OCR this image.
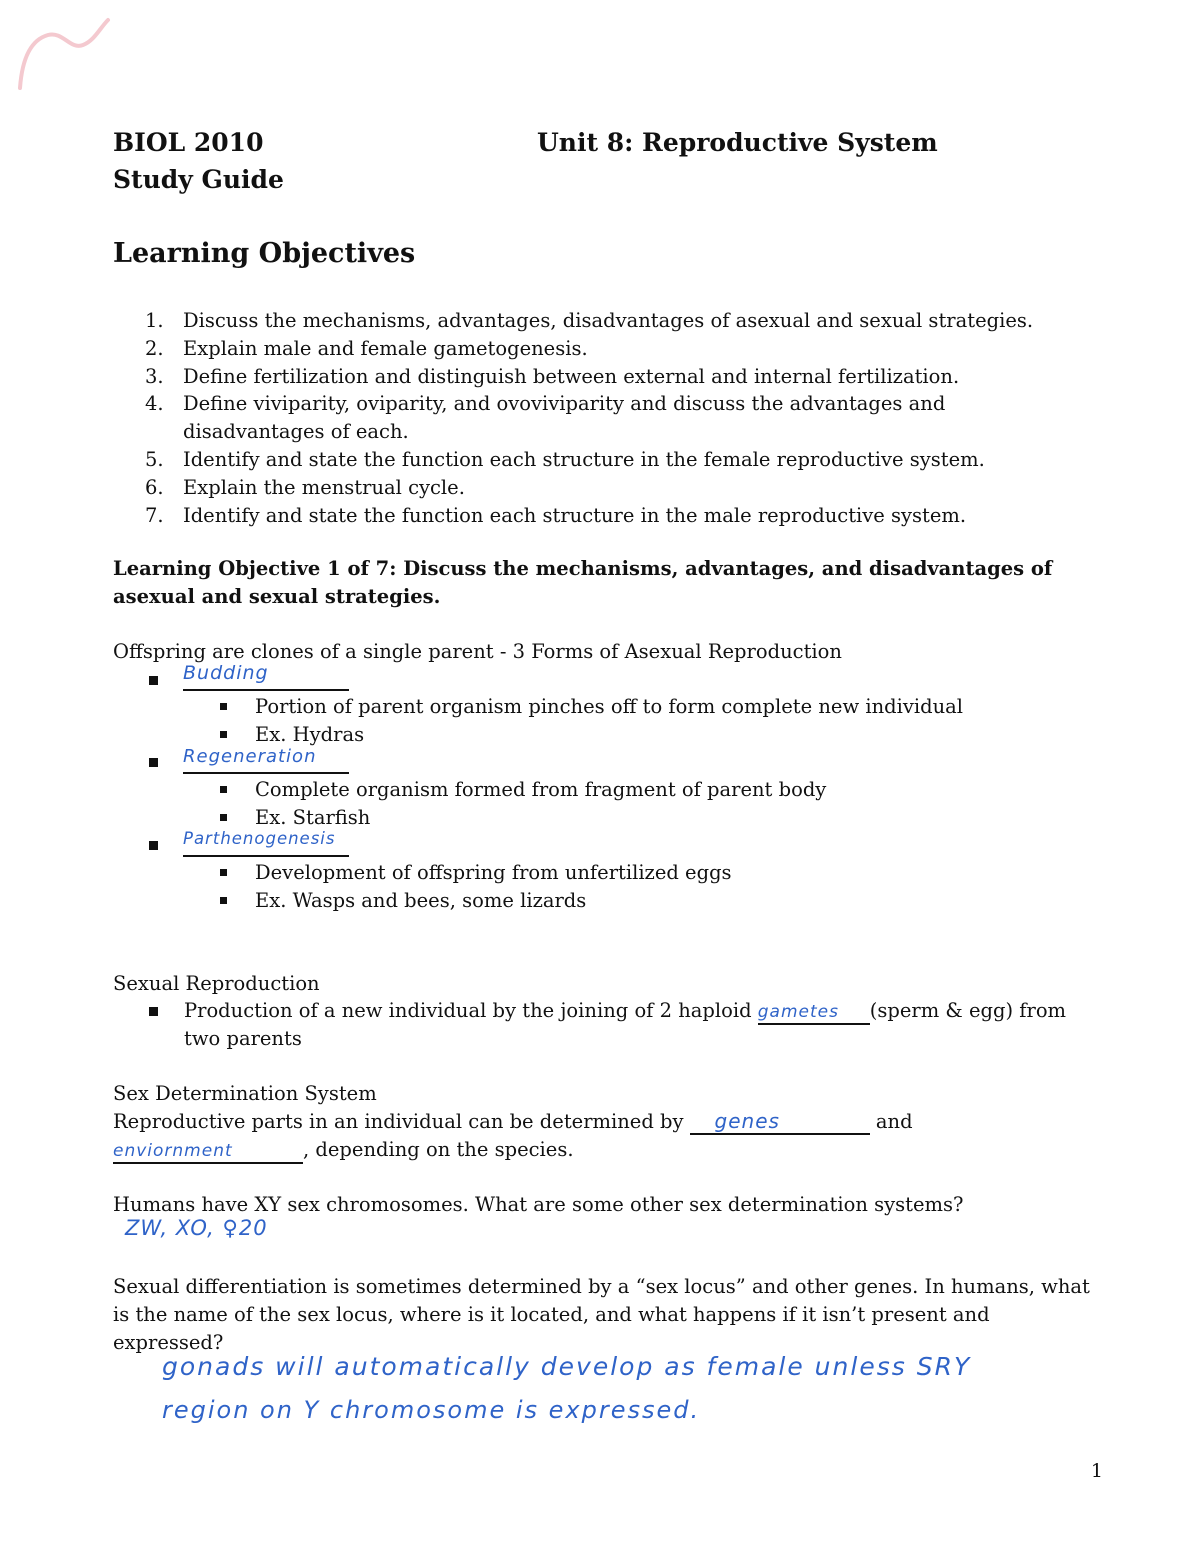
BIOL 2010	Unit 8: Reproductive System
Study Guide
Learning Objectives
1. Discuss the mechanisms, advantages, disadvantages of asexual and sexual strategies.
2. Explain male and female gametogenesis.
3. Define fertilization and distinguish between external and internal fertilization.
4. Define viviparity, oviparity, and ovoviviparity and discuss the advantages and disadvantages of each.
5. Identify and state the function each structure in the female reproductive system.
6. Explain the menstrual cycle.
7. Identify and state the function each structure in the male reproductive system.
Learning Objective 1 of 7: Discuss the mechanisms, advantages, and disadvantages of asexual and sexual strategies.
Offspring are clones of a single parent - 3 Forms of Asexual Reproduction
Budding
Portion of parent organism pinches off to form complete new individual
Ex. Hydras
Regeneration
Complete organism formed from fragment of parent body
Ex. Starfish
Parthenogenesis
Development of offspring from unfertilized eggs
Ex. Wasps and bees, some lizards
Sexual Reproduction
Production of a new individual by the joining of 2 haploid gametes (sperm & egg) from
two parents
Sex Determination System
Reproductive parts in an individual can be determined by     genes	and
enviornment	, depending on the species.
Humans have XY sex chromosomes. What are some other sex determination systems?
ZW, XO, ♀20
Sexual differentiation is sometimes determined by a “sex locus” and other genes. In humans, what
is the name of the sex locus, where is it located, and what happens if it isn’t present and
expressed?
gonads will automatically develop as female unless SRY
region on Y chromosome is expressed.
1
